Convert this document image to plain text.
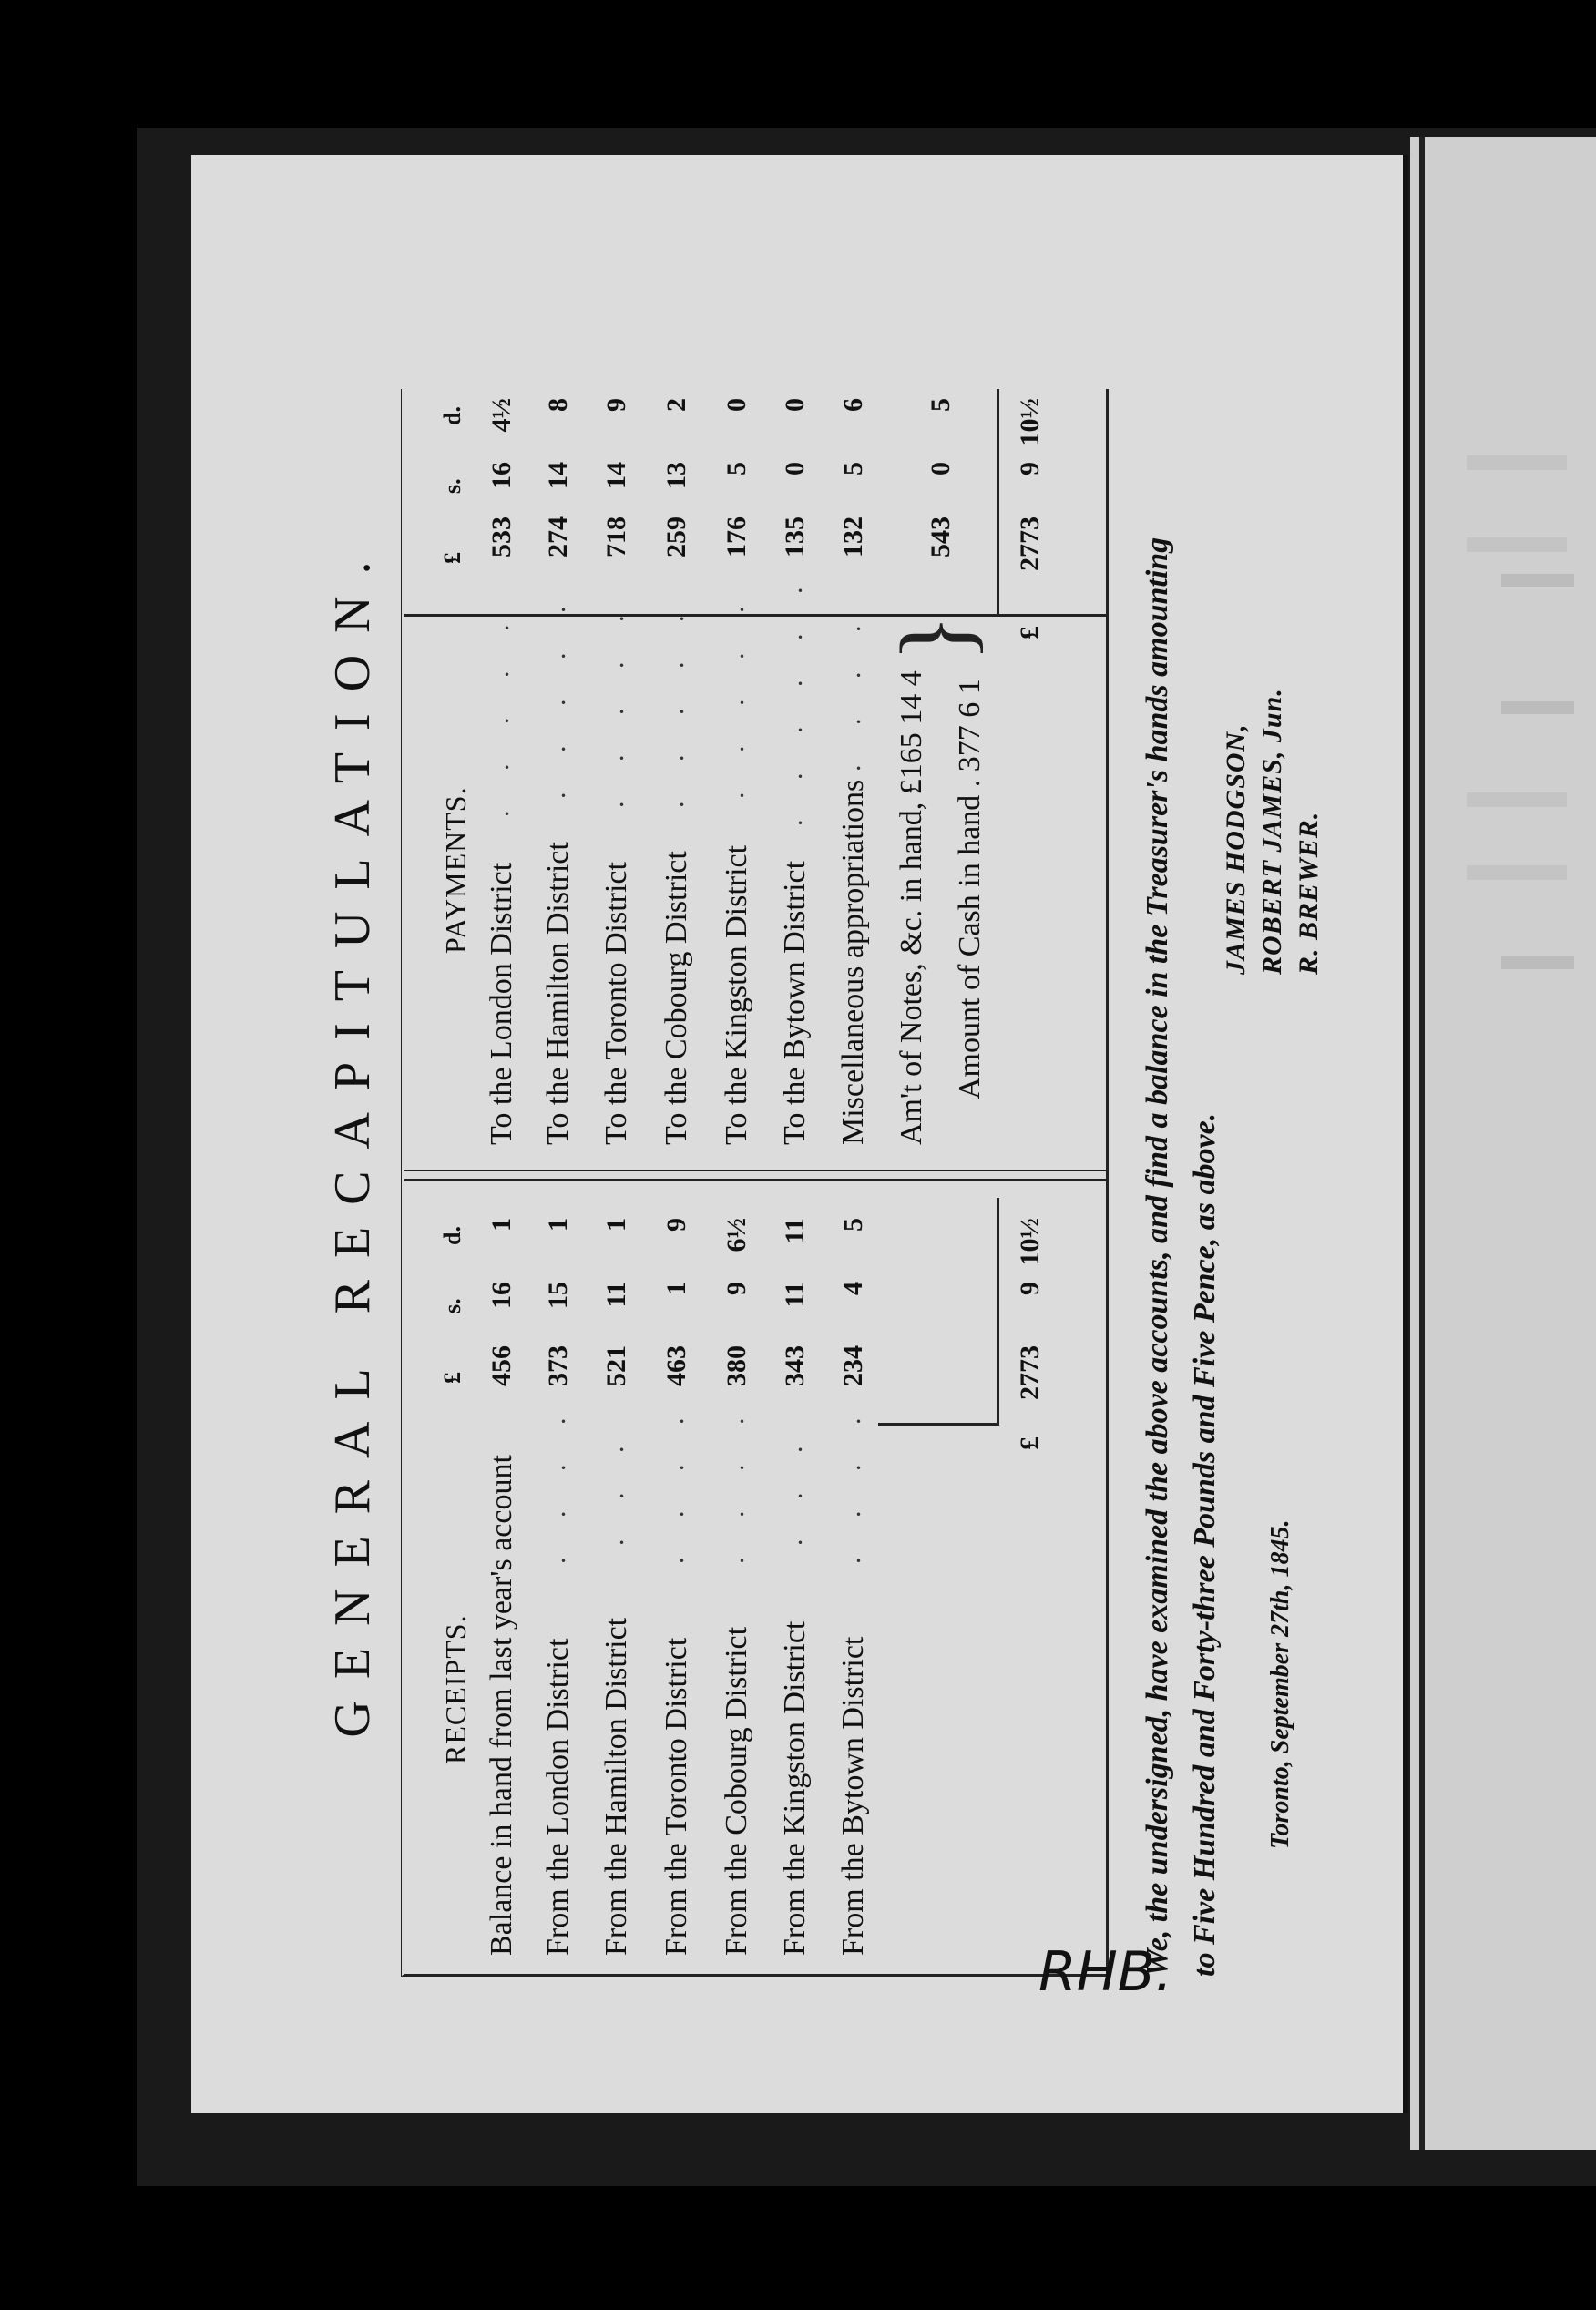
GENERAL RECAPITULATION. RECEIPTS.
£
s.
d.
Balance in hand from last year's account
456
16
1
From the London District
. . . .
373
15
1
From the Hamilton District
. . .
521
11
1
From the Toronto District
. . . .
463
1
9
From the Cobourg District
. . . .
380
9
6½
From the Kingston District
. . .
343
11
11
From the Bytown District
. . . .
234
4
5
£
2773
9
10½
PAYMENTS.
£
s.
d.
To the London District
. . . . .
533
16
4½
To the Hamilton District
. . . . .
274
14
8
To the Toronto District
. . . . .
718
14
9
To the Cobourg District
. . . . .
259
13
2
To the Kingston District
. . . . .
176
5
0
To the Bytown District
. . . . . .
135
0
0
Miscellaneous appropriations
. . . .
132
5
6
Am't of Notes, &c. in hand, £165 14 4 Amount of Cash in hand . 377 6 1
}
543
0
5
£
2773
9
10½
We, the undersigned, have examined the above accounts, and find a balance in the Treasurer's hands amounting to Five Hundred and Forty-three Pounds and Five Pence, as above.
JAMES HODGSON, ROBERT JAMES, Jun. R. BREWER.
Toronto, September 27th, 1845.
RHB.
